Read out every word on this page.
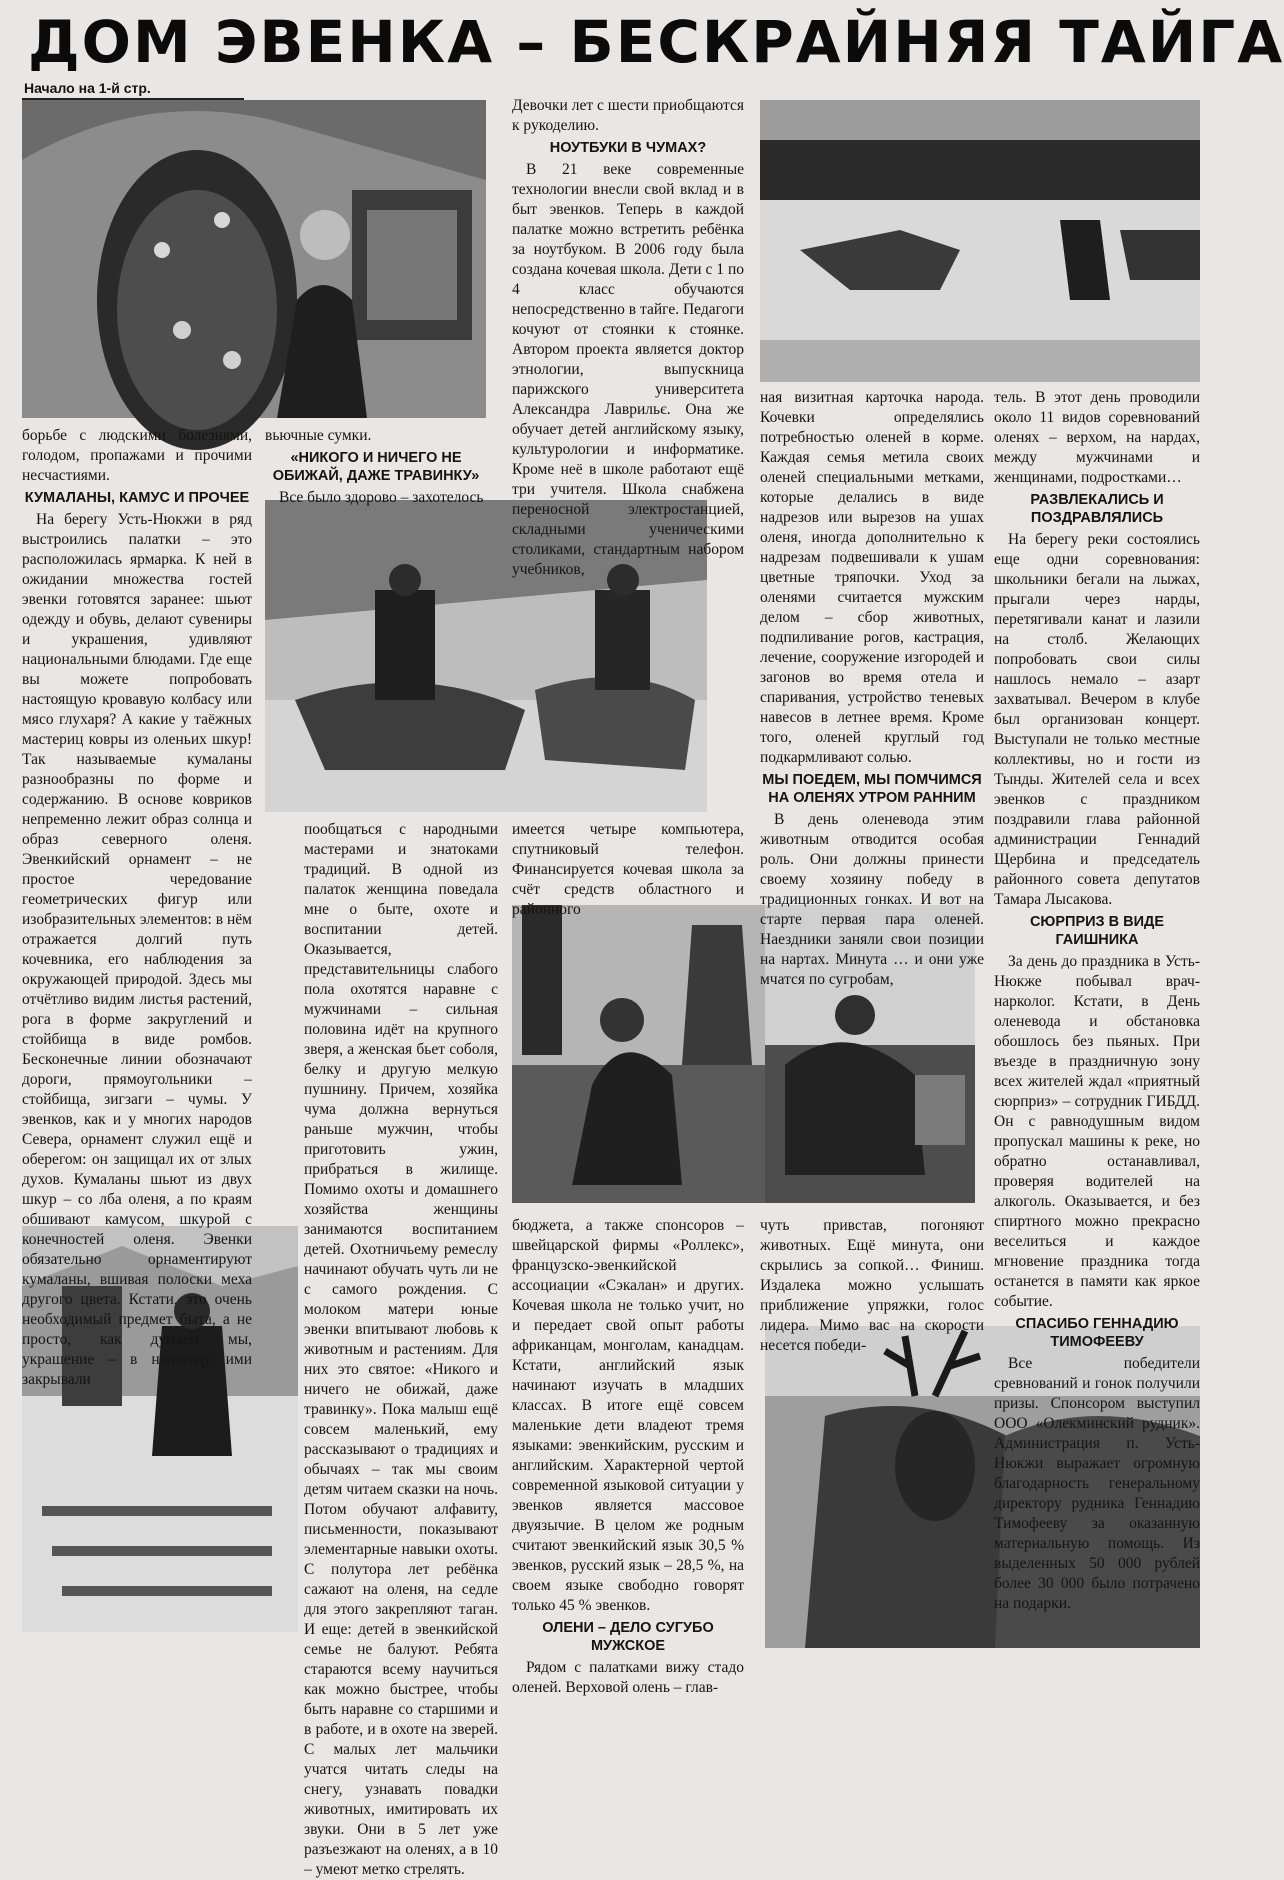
ДОМ ЭВЕНКА – БЕСКРАЙНЯЯ ТАЙГА
Начало на 1-й стр.

борьбе с людскими болезнями, голодом, пропажами и прочими несчастиями.

КУМАЛАНЫ, КАМУС И ПРОЧЕЕ

На берегу Усть-Нюкжи в ряд выстроились палатки – это расположилась ярмарка. К ней в ожидании множества гостей эвенки готовятся заранее: шьют одежду и обувь, делают сувениры и украшения, удивляют национальными блюдами. Где еще вы можете попробовать настоящую кровавую колбасу или мясо глухаря? А какие у таёжных мастериц ковры из оленьих шкур! Так называемые кумаланы разнообразны по форме и содержанию. В основе ковриков непременно лежит образ солнца и образ северного оленя. Эвенкийский орнамент – не простое чередование геометрических фигур или изобразительных элементов: в нём отражается долгий путь кочевника, его наблюдения за окружающей природой. Здесь мы отчётливо видим листья растений, рога в форме закруглений и стойбища в виде ромбов. Бесконечные линии обозначают дороги, прямоугольники – стойбища, зигзаги – чумы. У эвенков, как и у многих народов Севера, орнамент служил ещё и оберегом: он защищал их от злых духов. Кумаланы шьют из двух шкур – со лба оленя, а по краям обшивают камусом, шкурой с конечностей оленя. Эвенки обязательно орнаментируют кумаланы, вшивая полоски меха другого цвета. Кстати, это очень необходимый предмет быта, а не просто, как думаем мы, украшение – в непогоду ими закрывали

вьючные сумки.

«НИКОГО И НИЧЕГО НЕ ОБИЖАЙ, ДАЖЕ ТРАВИНКУ»

Все было здорово – захотелось

пообщаться с народными мастерами и знатоками традиций. В одной из палаток женщина поведала мне о быте, охоте и воспитании детей. Оказывается, представительницы слабого пола охотятся наравне с мужчинами – сильная половина идёт на крупного зверя, а женская бьет соболя, белку и другую мелкую пушнину. Причем, хозяйка чума должна вернуться раньше мужчин, чтобы приготовить ужин, прибраться в жилище. Помимо охоты и домашнего хозяйства женщины занимаются воспитанием детей. Охотничьему ремеслу начинают обучать чуть ли не с самого рождения. С молоком матери юные эвенки впитывают любовь к животным и растениям. Для них это святое: «Никого и ничего не обижай, даже травинку». Пока малыш ещё совсем маленький, ему рассказывают о традициях и обычаях – так мы своим детям читаем сказки на ночь. Потом обучают алфавиту, письменности, показывают элементарные навыки охоты. С полутора лет ребёнка сажают на оленя, на седле для этого закрепляют таган. И еще: детей в эвенкийской семье не балуют. Ребята стараются всему научиться как можно быстрее, чтобы быть наравне со старшими и в работе, и в охоте на зверей. С малых лет мальчики учатся читать следы на снегу, узнавать повадки животных, имитировать их звуки. Они в 5 лет уже разъезжают на оленях, а в 10 – умеют метко стрелять.

Девочки лет с шести приобщаются к рукоделию.

НОУТБУКИ В ЧУМАХ?

В 21 веке современные технологии внесли свой вклад и в быт эвенков. Теперь в каждой палатке можно встретить ребёнка за ноутбуком. В 2006 году была создана кочевая школа. Дети с 1 по 4 класс обучаются непосредственно в тайге. Педагоги кочуют от стоянки к стоянке. Автором проекта является доктор этнологии, выпускница парижского университета Александра Лаврильє. Она же обучает детей английскому языку, культурологии и информатике. Кроме неё в школе работают ещё три учителя. Школа снабжена переносной электростанцией, складными ученическими столиками, стандартным набором учебников,

имеется четыре компьютера, спутниковый телефон. Финансируется кочевая школа за счёт средств областного и районного

бюджета, а также спонсоров – швейцарской фирмы «Роллекс», французско-эвенкийской ассоциации «Сэкалан» и других. Кочевая школа не только учит, но и передает свой опыт работы африканцам, монголам, канадцам. Кстати, английский язык начинают изучать в младших классах. В итоге ещё совсем маленькие дети владеют тремя языками: эвенкийским, русским и английским. Характерной чертой современной языковой ситуации у эвенков является массовое двуязычие. В целом же родным считают эвенкийский язык 30,5 % эвенков, русский язык – 28,5 %, на своем языке свободно говорят только 45 % эвенков.

ОЛЕНИ – ДЕЛО СУГУБО МУЖСКОЕ

Рядом с палатками вижу стадо оленей. Верховой олень – глав-

ная визитная карточка народа. Кочевки определялись потребностью оленей в корме. Каждая семья метила своих оленей специальными метками, которые делались в виде надрезов или вырезов на ушах оленя, иногда дополнительно к надрезам подвешивали к ушам цветные тряпочки. Уход за оленями считается мужским делом – сбор животных, подпиливание рогов, кастрация, лечение, сооружение изгородей и загонов во время отела и спаривания, устройство теневых навесов в летнее время. Кроме того, оленей круглый год подкармливают солью.

МЫ ПОЕДЕМ, МЫ ПОМЧИМСЯ НА ОЛЕНЯХ УТРОМ РАННИМ

В день оленевода этим животным отводится особая роль. Они должны принести своему хозяину победу в традиционных гонках. И вот на старте первая пара оленей. Наездники заняли свои позиции на нартах. Минута … и они уже мчатся по сугробам,

чуть привстав, погоняют животных. Ещё минута, они скрылись за сопкой… Финиш. Издалека можно услышать приближение упряжки, голос лидера. Мимо вас на скорости несется победи-

тель. В этот день проводили около 11 видов соревнований оленях – верхом, на нардах, между мужчинами и женщинами, подростками…

РАЗВЛЕКАЛИСЬ И ПОЗДРАВЛЯЛИСЬ

На берегу реки состоялись еще одни соревнования: школьники бегали на лыжах, прыгали через нарды, перетягивали канат и лазили на столб. Желающих попробовать свои силы нашлось немало – азарт захватывал. Вечером в клубе был организован концерт. Выступали не только местные коллективы, но и гости из Тынды. Жителей села и всех эвенков с праздником поздравили глава районной администрации Геннадий Щербина и председатель районного совета депутатов Тамара Лысакова.

СЮРПРИЗ В ВИДЕ ГАИШНИКА

За день до праздника в Усть-Нюкже побывал врач-нарколог. Кстати, в День оленевода и обстановка обошлось без пьяных. При въезде в праздничную зону всех жителей ждал «приятный сюрприз» – сотрудник ГИБДД. Он с равнодушным видом пропускал машины к реке, но обратно останавливал, проверяя водителей на алкоголь. Оказывается, и без спиртного можно прекрасно веселиться и каждое мгновение праздника тогда останется в памяти как яркое событие.

СПАСИБО ГЕННАДИЮ ТИМОФЕЕВУ

Все победители сревнований и гонок получили призы. Спонсором выступил ООО «Олекминский рудник». Администрация п. Усть-Нюкжи выражает огромную благодарность генеральному директору рудника Геннадию Тимофееву за оказанную материальную помощь. Из выделенных 50 000 рублей более 30 000 было потрачено на подарки.
